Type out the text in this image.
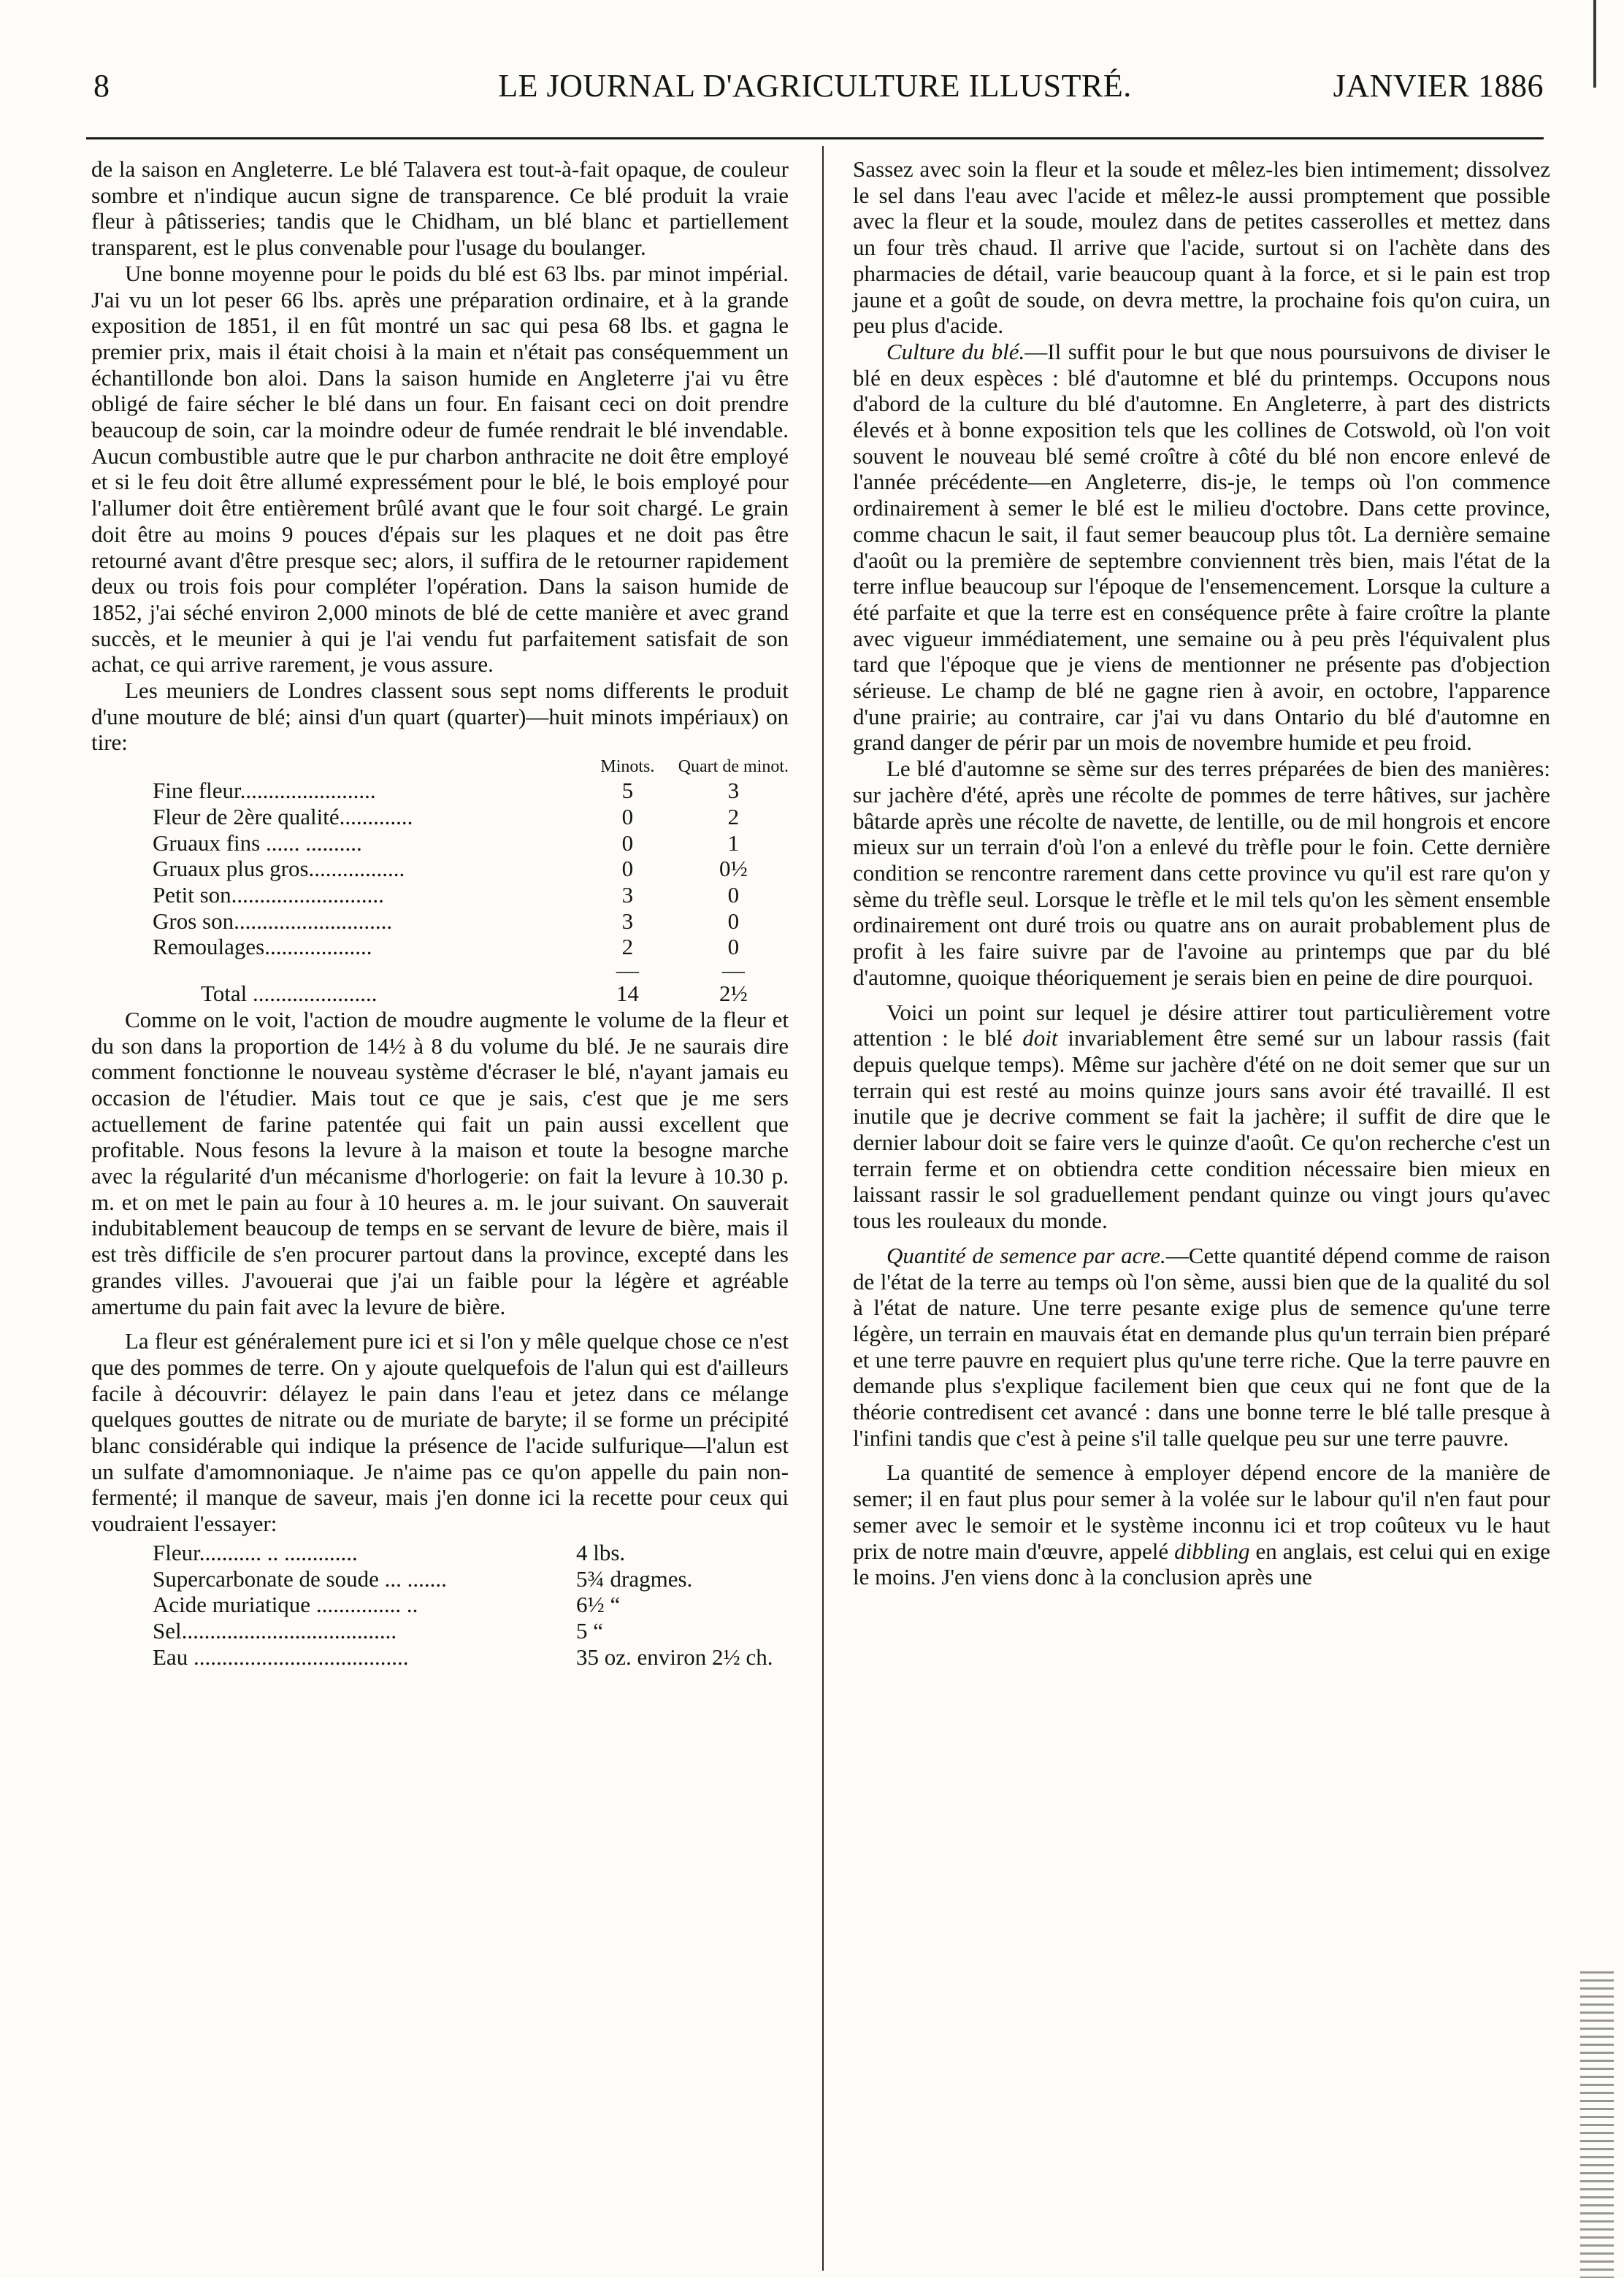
8	LE JOURNAL D'AGRICULTURE ILLUSTRÉ.	JANVIER 1886

de la saison en Angleterre. Le blé Talavera est tout-à-fait opaque, de couleur sombre et n'indique aucun signe de transparence. Ce blé produit la vraie fleur à pâtisseries; tandis que le Chidham, un blé blanc et partiellement transparent, est le plus convenable pour l'usage du boulanger.

Une bonne moyenne pour le poids du blé est 63 lbs. par minot impérial. J'ai vu un lot peser 66 lbs. après une préparation ordinaire, et à la grande exposition de 1851, il en fût montré un sac qui pesa 68 lbs. et gagna le premier prix, mais il était choisi à la main et n'était pas conséquemment un échantillonde bon aloi. Dans la saison humide en Angleterre j'ai vu être obligé de faire sécher le blé dans un four. En faisant ceci on doit prendre beaucoup de soin, car la moindre odeur de fumée rendrait le blé invendable. Aucun combustible autre que le pur charbon anthracite ne doit être employé et si le feu doit être allumé expressément pour le blé, le bois employé pour l'allumer doit être entièrement brûlé avant que le four soit chargé. Le grain doit être au moins 9 pouces d'épais sur les plaques et ne doit pas être retourné avant d'être presque sec; alors, il suffira de le retourner rapidement deux ou trois fois pour compléter l'opération. Dans la saison humide de 1852, j'ai séché environ 2,000 minots de blé de cette manière et avec grand succès, et le meunier à qui je l'ai vendu fut parfaitement satisfait de son achat, ce qui arrive rarement, je vous assure.

Les meuniers de Londres classent sous sept noms differents le produit d'une mouture de blé; ainsi d'un quart (quarter)—huit minots impériaux) on tire:

	Minots.	Quart de minot.
Fine fleur........................	5	3
Fleur de 2ère qualité.............	0	2
Gruaux fins ...... ..........	0	1
Gruaux plus gros.................	0	0½
Petit son...........................	3	0
Gros son............................	3	0
Remoulages...................	2	0
	—	—
Total ......................	14	2½

Comme on le voit, l'action de moudre augmente le volume de la fleur et du son dans la proportion de 14½ à 8 du volume du blé. Je ne saurais dire comment fonctionne le nouveau système d'écraser le blé, n'ayant jamais eu occasion de l'étudier. Mais tout ce que je sais, c'est que je me sers actuellement de farine patentée qui fait un pain aussi excellent que profitable. Nous fesons la levure à la maison et toute la besogne marche avec la régularité d'un mécanisme d'horlogerie: on fait la levure à 10.30 p. m. et on met le pain au four à 10 heures a. m. le jour suivant. On sauverait indubitablement beaucoup de temps en se servant de levure de bière, mais il est très difficile de s'en procurer partout dans la province, excepté dans les grandes villes. J'avouerai que j'ai un faible pour la légère et agréable amertume du pain fait avec la levure de bière.

La fleur est généralement pure ici et si l'on y mêle quelque chose ce n'est que des pommes de terre. On y ajoute quelquefois de l'alun qui est d'ailleurs facile à découvrir: délayez le pain dans l'eau et jetez dans ce mélange quelques gouttes de nitrate ou de muriate de baryte; il se forme un précipité blanc considérable qui indique la présence de l'acide sulfurique—l'alun est un sulfate d'amomnoniaque. Je n'aime pas ce qu'on appelle du pain non-fermenté; il manque de saveur, mais j'en donne ici la recette pour ceux qui voudraient l'essayer:

Fleur........... .. .............	4 lbs.
Supercarbonate de soude ... .......	5¾ dragmes.
Acide muriatique ............... ..	6½ “
Sel......................................	5 “
Eau ......................................	35 oz. environ 2½ ch.

Sassez avec soin la fleur et la soude et mêlez-les bien intimement; dissolvez le sel dans l'eau avec l'acide et mêlez-le aussi promptement que possible avec la fleur et la soude, moulez dans de petites casserolles et mettez dans un four très chaud. Il arrive que l'acide, surtout si on l'achète dans des pharmacies de détail, varie beaucoup quant à la force, et si le pain est trop jaune et a goût de soude, on devra mettre, la prochaine fois qu'on cuira, un peu plus d'acide.

Culture du blé.—Il suffit pour le but que nous poursuivons de diviser le blé en deux espèces : blé d'automne et blé du printemps. Occupons nous d'abord de la culture du blé d'automne. En Angleterre, à part des districts élevés et à bonne exposition tels que les collines de Cotswold, où l'on voit souvent le nouveau blé semé croître à côté du blé non encore enlevé de l'année précédente—en Angleterre, dis-je, le temps où l'on commence ordinairement à semer le blé est le milieu d'octobre. Dans cette province, comme chacun le sait, il faut semer beaucoup plus tôt. La dernière semaine d'août ou la première de septembre conviennent très bien, mais l'état de la terre influe beaucoup sur l'époque de l'ensemencement. Lorsque la culture a été parfaite et que la terre est en conséquence prête à faire croître la plante avec vigueur immédiatement, une semaine ou à peu près l'équivalent plus tard que l'époque que je viens de mentionner ne présente pas d'objection sérieuse. Le champ de blé ne gagne rien à avoir, en octobre, l'apparence d'une prairie; au contraire, car j'ai vu dans Ontario du blé d'automne en grand danger de périr par un mois de novembre humide et peu froid.

Le blé d'automne se sème sur des terres préparées de bien des manières: sur jachère d'été, après une récolte de pommes de terre hâtives, sur jachère bâtarde après une récolte de navette, de lentille, ou de mil hongrois et encore mieux sur un terrain d'où l'on a enlevé du trèfle pour le foin. Cette dernière condition se rencontre rarement dans cette province vu qu'il est rare qu'on y sème du trèfle seul. Lorsque le trèfle et le mil tels qu'on les sèment ensemble ordinairement ont duré trois ou quatre ans on aurait probablement plus de profit à les faire suivre par de l'avoine au printemps que par du blé d'automne, quoique théoriquement je serais bien en peine de dire pourquoi.

Voici un point sur lequel je désire attirer tout particulièrement votre attention : le blé doit invariablement être semé sur un labour rassis (fait depuis quelque temps). Même sur jachère d'été on ne doit semer que sur un terrain qui est resté au moins quinze jours sans avoir été travaillé. Il est inutile que je decrive comment se fait la jachère; il suffit de dire que le dernier labour doit se faire vers le quinze d'août. Ce qu'on recherche c'est un terrain ferme et on obtiendra cette condition nécessaire bien mieux en laissant rassir le sol graduellement pendant quinze ou vingt jours qu'avec tous les rouleaux du monde.

Quantité de semence par acre.—Cette quantité dépend comme de raison de l'état de la terre au temps où l'on sème, aussi bien que de la qualité du sol à l'état de nature. Une terre pesante exige plus de semence qu'une terre légère, un terrain en mauvais état en demande plus qu'un terrain bien préparé et une terre pauvre en requiert plus qu'une terre riche. Que la terre pauvre en demande plus s'explique facilement bien que ceux qui ne font que de la théorie contredisent cet avancé : dans une bonne terre le blé talle presque à l'infini tandis que c'est à peine s'il talle quelque peu sur une terre pauvre.

La quantité de semence à employer dépend encore de la manière de semer; il en faut plus pour semer à la volée sur le labour qu'il n'en faut pour semer avec le semoir et le système inconnu ici et trop coûteux vu le haut prix de notre main d'œuvre, appelé dibbling en anglais, est celui qui en exige le moins. J'en viens donc à la conclusion après une
